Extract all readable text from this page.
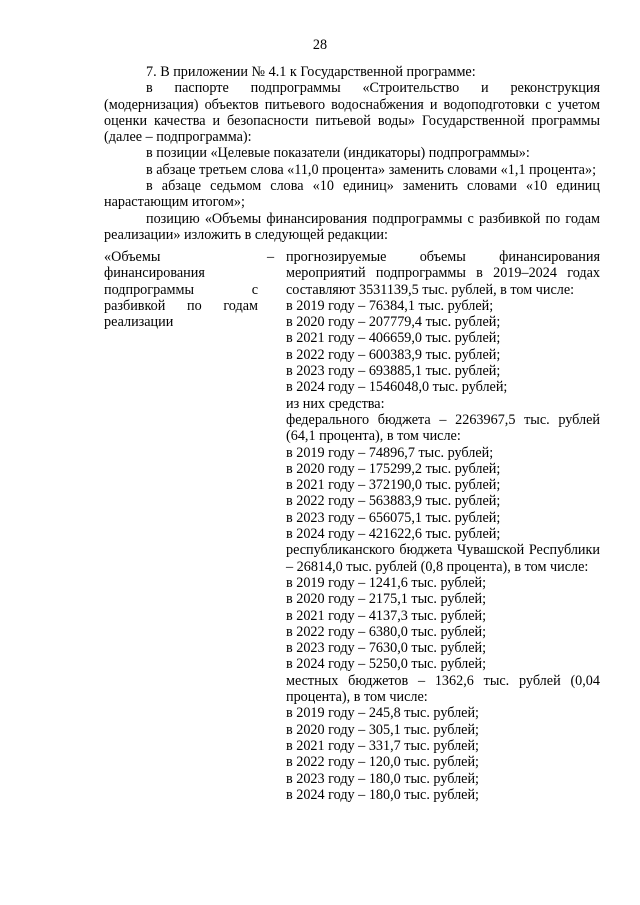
28

7. В приложении № 4.1 к Государственной программе:

в паспорте подпрограммы «Строительство и реконструкция (модернизация) объектов питьевого водоснабжения и водоподготовки с учетом оценки качества и безопасности питьевой воды» Государственной программы (далее – подпрограмма):

в позиции «Целевые показатели (индикаторы) подпрограммы»:

в абзаце третьем слова «11,0 процента» заменить словами «1,1 процента»;

в абзаце седьмом слова «10 единиц» заменить словами «10 единиц нарастающим итогом»;

позицию «Объемы финансирования подпрограммы с разбивкой по годам реализации» изложить в следующей редакции:

«Объемы финансирования подпрограммы с разбивкой по годам реализации
– прогнозируемые объемы финансирования мероприятий подпрограммы в 2019–2024 годах составляют 3531139,5 тыс. рублей, в том числе:

в 2019 году – 76384,1 тыс. рублей;

в 2020 году – 207779,4 тыс. рублей;

в 2021 году – 406659,0 тыс. рублей;

в 2022 году – 600383,9 тыс. рублей;

в 2023 году – 693885,1 тыс. рублей;

в 2024 году – 1546048,0 тыс. рублей;

из них средства:

федерального бюджета – 2263967,5 тыс. рублей (64,1 процента), в том числе:

в 2019 году – 74896,7 тыс. рублей;

в 2020 году – 175299,2 тыс. рублей;

в 2021 году – 372190,0 тыс. рублей;

в 2022 году – 563883,9 тыс. рублей;

в 2023 году – 656075,1 тыс. рублей;

в 2024 году – 421622,6 тыс. рублей;

республиканского бюджета Чувашской Республики – 26814,0 тыс. рублей (0,8 процента), в том числе:

в 2019 году – 1241,6 тыс. рублей;

в 2020 году – 2175,1 тыс. рублей;

в 2021 году – 4137,3 тыс. рублей;

в 2022 году – 6380,0 тыс. рублей;

в 2023 году – 7630,0 тыс. рублей;

в 2024 году – 5250,0 тыс. рублей;

местных бюджетов – 1362,6 тыс. рублей (0,04 процента), в том числе:

в 2019 году – 245,8 тыс. рублей;

в 2020 году – 305,1 тыс. рублей;

в 2021 году – 331,7 тыс. рублей;

в 2022 году – 120,0 тыс. рублей;

в 2023 году – 180,0 тыс. рублей;

в 2024 году – 180,0 тыс. рублей;
